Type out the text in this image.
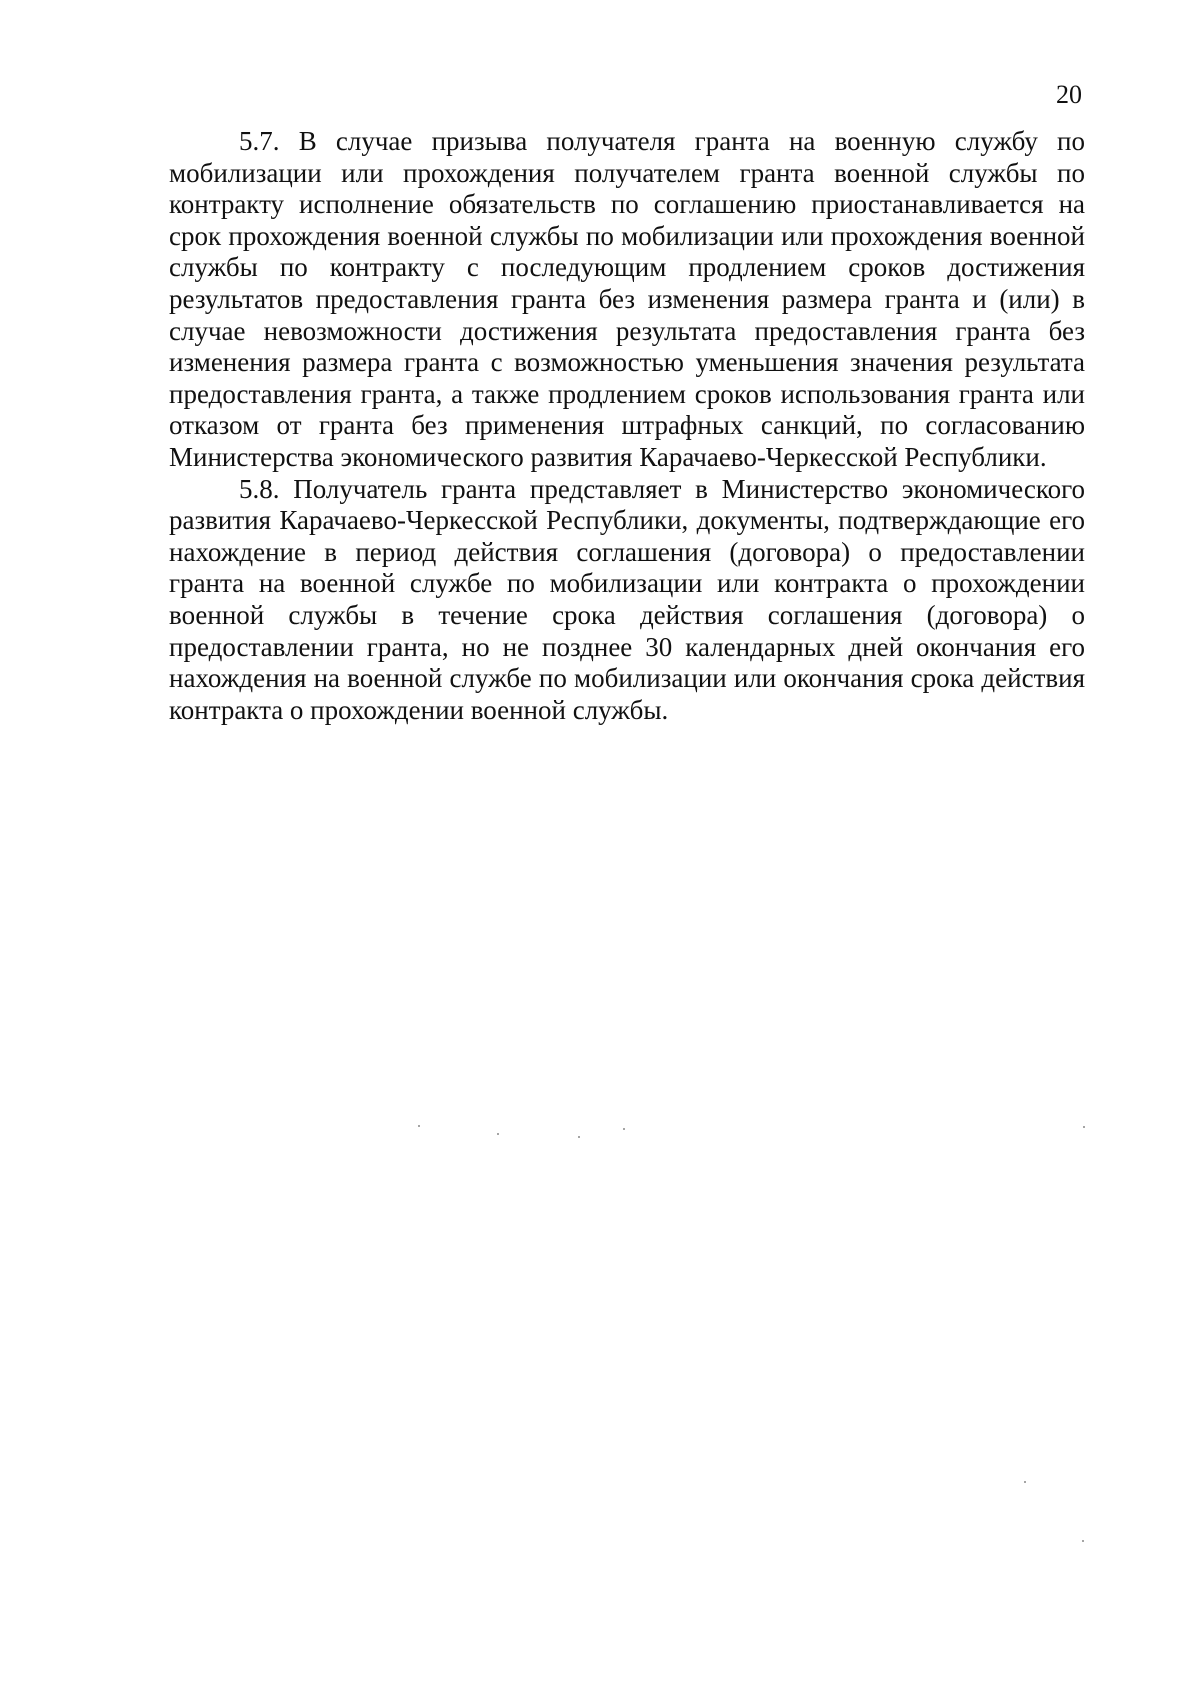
20

5.7. В случае призыва получателя гранта на военную службу по мобилизации или прохождения получателем гранта военной службы по контракту исполнение обязательств по соглашению приостанавливается на срок прохождения военной службы по мобилизации или прохождения военной службы по контракту с последующим продлением сроков достижения результатов предоставления гранта без изменения размера гранта и (или) в случае невозможности достижения результата предоставления гранта без изменения размера гранта с возможностью уменьшения значения результата предоставления гранта, а также продлением сроков использования гранта или отказом от гранта без применения штрафных санкций, по согласованию Министерства экономического развития Карачаево-Черкесской Республики.

5.8. Получатель гранта представляет в Министерство экономического развития Карачаево-Черкесской Республики, документы, подтверждающие его нахождение в период действия соглашения (договора) о предоставлении гранта на военной службе по мобилизации или контракта о прохождении военной службы в течение срока действия соглашения (договора) о предоставлении гранта, но не позднее 30 календарных дней окончания его нахождения на военной службе по мобилизации или окончания срока действия контракта о прохождении военной службы.
